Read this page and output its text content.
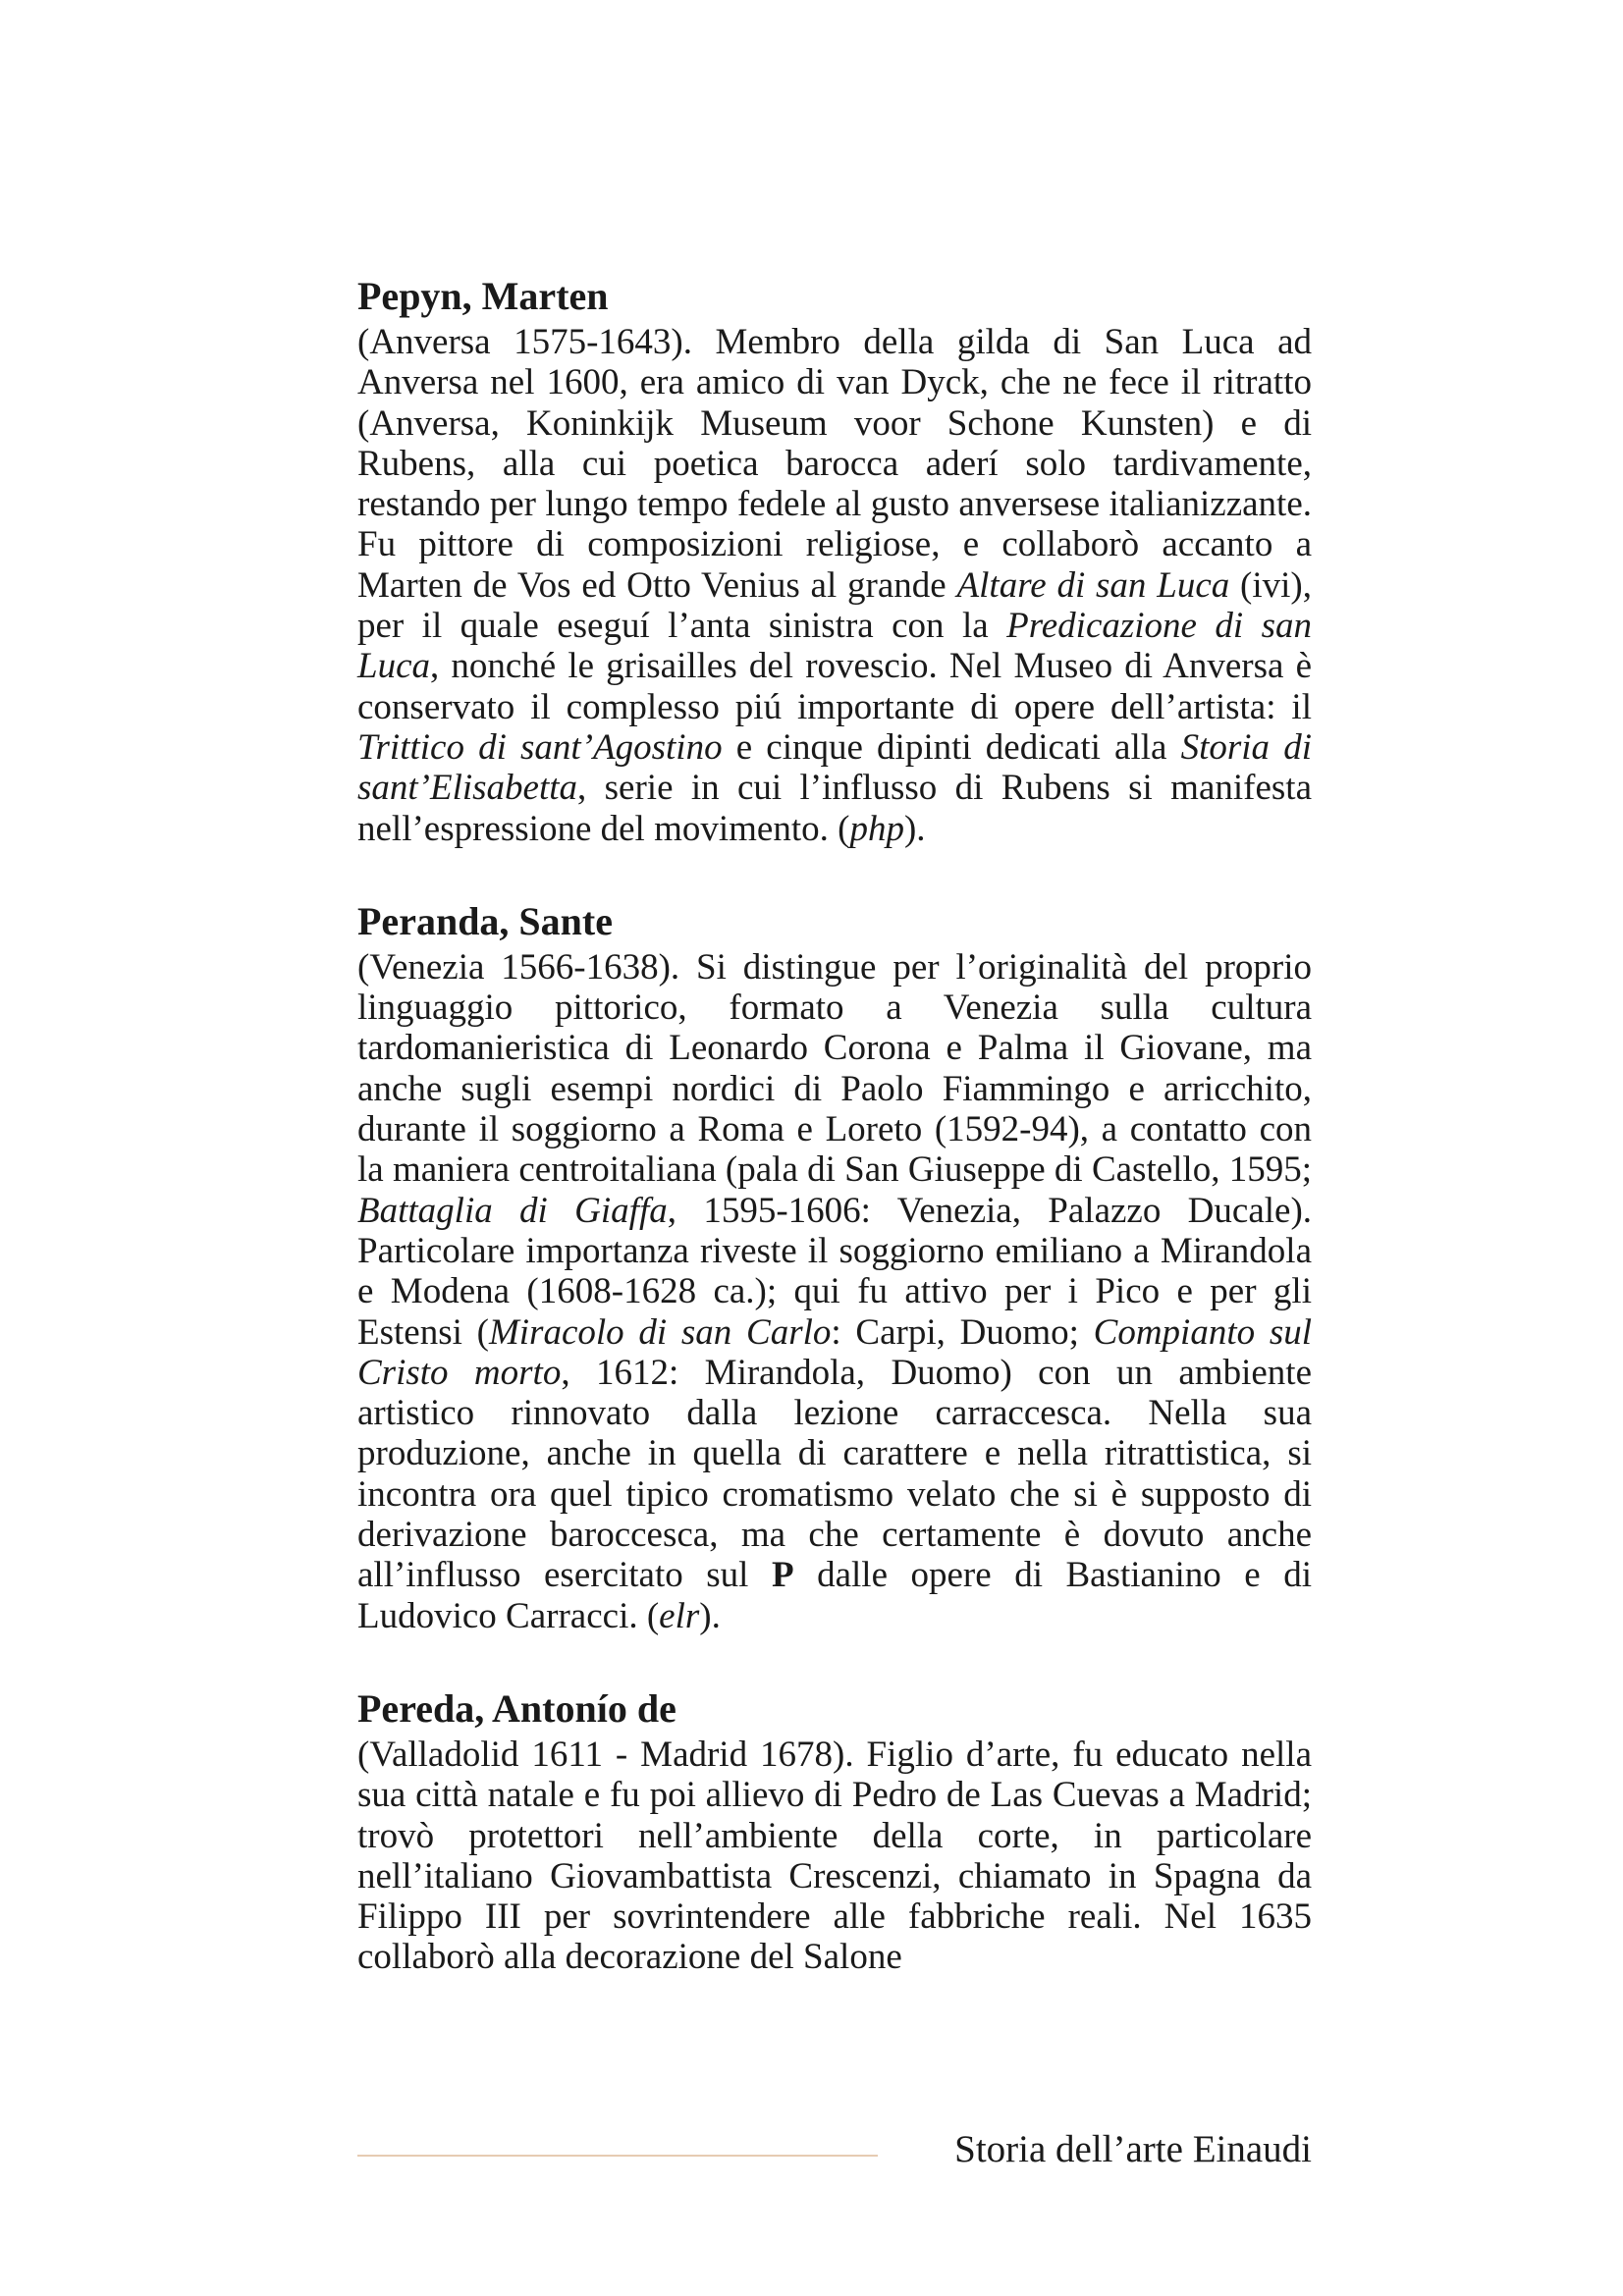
Pepyn, Marten

(Anversa 1575-1643). Membro della gilda di San Luca ad Anversa nel 1600, era amico di van Dyck, che ne fece il ritratto (Anversa, Koninkijk Museum voor Schone Kunsten) e di Rubens, alla cui poetica barocca aderí solo tardivamente, restando per lungo tempo fedele al gusto anversese italianizzante. Fu pittore di composizioni religiose, e collaborò accanto a Marten de Vos ed Otto Venius al grande Altare di san Luca (ivi), per il quale eseguí l’anta sinistra con la Predicazione di san Luca, nonché le grisailles del rovescio. Nel Museo di Anversa è conservato il complesso piú importante di opere dell’artista: il Trittico di sant’Agostino e cinque dipinti dedicati alla Storia di sant’Elisabetta, serie in cui l’influsso di Rubens si manifesta nell’espressione del movimento. (php).

Peranda, Sante

(Venezia 1566-1638). Si distingue per l’originalità del proprio linguaggio pittorico, formato a Venezia sulla cultura tardomanieristica di Leonardo Corona e Palma il Giovane, ma anche sugli esempi nordici di Paolo Fiammingo e arricchito, durante il soggiorno a Roma e Loreto (1592-94), a contatto con la maniera centroitaliana (pala di San Giuseppe di Castello, 1595; Battaglia di Giaffa, 1595-1606: Venezia, Palazzo Ducale). Particolare importanza riveste il soggiorno emiliano a Mirandola e Modena (1608-1628 ca.); qui fu attivo per i Pico e per gli Estensi (Miracolo di san Carlo: Carpi, Duomo; Compianto sul Cristo morto, 1612: Mirandola, Duomo) con un ambiente artistico rinnovato dalla lezione carraccesca. Nella sua produzione, anche in quella di carattere e nella ritrattistica, si incontra ora quel tipico cromatismo velato che si è supposto di derivazione baroccesca, ma che certamente è dovuto anche all’influsso esercitato sul P dalle opere di Bastianino e di Ludovico Carracci. (elr).

Pereda, Antonío de

(Valladolid 1611 - Madrid 1678). Figlio d’arte, fu educato nella sua città natale e fu poi allievo di Pedro de Las Cuevas a Madrid; trovò protettori nell’ambiente della corte, in particolare nell’italiano Giovambattista Crescenzi, chiamato in Spagna da Filippo III per sovrintendere alle fabbriche reali. Nel 1635 collaborò alla decorazione del Salone

Storia dell’arte Einaudi
